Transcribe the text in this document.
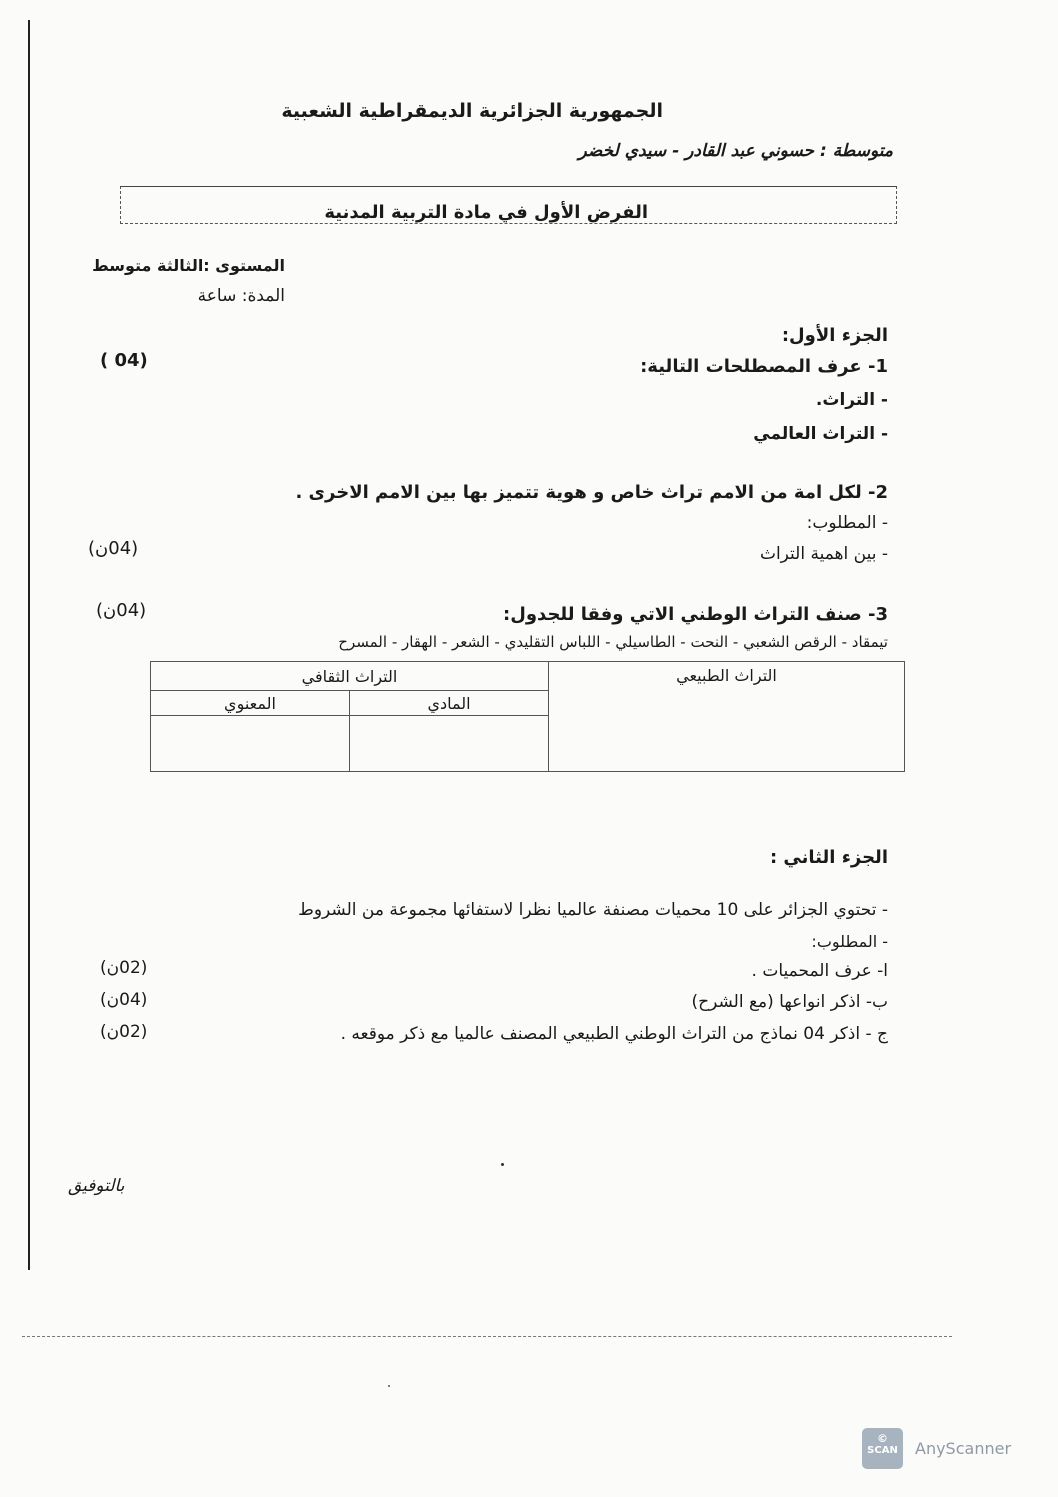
الجمهورية الجزائرية الديمقراطية الشعبية
متوسطة : حسوني عبد القادر - سيدي لخضر
الفرض الأول في مادة التربية المدنية
المستوى :الثالثة متوسط
المدة: ساعة
الجزء الأول:
1- عرف المصطلحات التالية:
( 04)
- التراث.
- التراث العالمي
2- لكل امة من الامم تراث خاص و هوية تتميز بها بين الامم الاخرى .
- المطلوب:
- بين اهمية التراث
(04ن)
3- صنف التراث الوطني الاتي وفقا للجدول:
(04ن)
تيمقاد - الرقص الشعبي - النحت - الطاسيلي - اللباس التقليدي - الشعر - الهقار - المسرح
التراث الثقافي		التراث الطبيعي
المعنوي	المادي	

الجزء الثاني :
- تحتوي الجزائر على 10 محميات مصنفة عالميا نظرا لاستفائها مجموعة من الشروط
- المطلوب:
ا- عرف المحميات .
(02ن)
ب- اذكر انواعها (مع الشرح)
(04ن)
ج - اذكر 04 نماذج من التراث الوطني الطبيعي المصنف عالميا مع ذكر موقعه .
(02ن)
بالتوفيق
©
SCAN	AnyScanner
